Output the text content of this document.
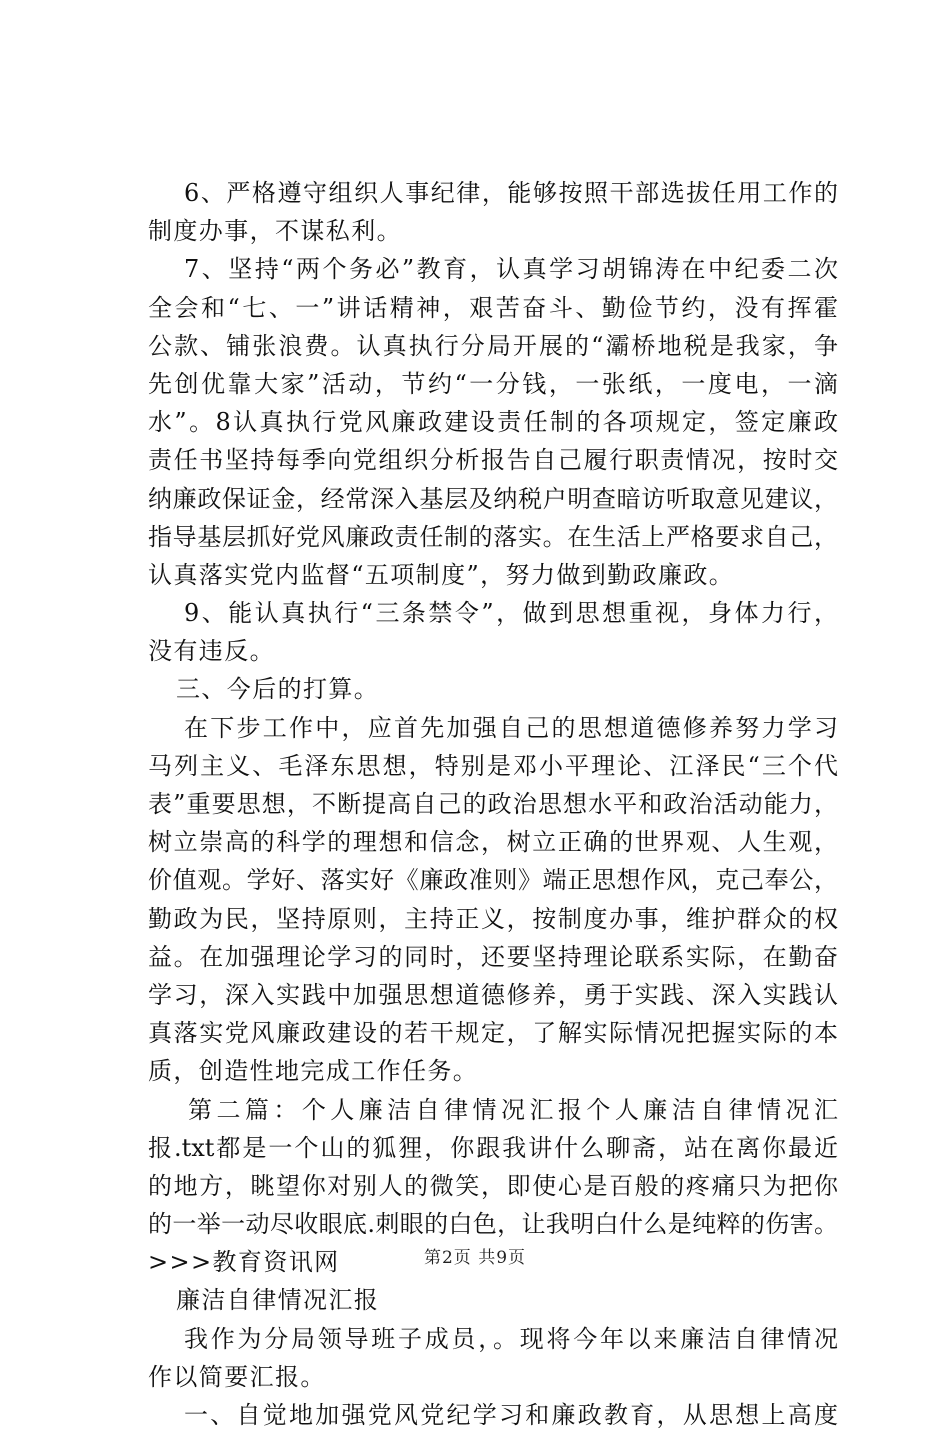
6、严格遵守组织人事纪律，能够按照干部选拔任用工作的
制度办事，不谋私利。
7、坚持“两个务必”教育，认真学习胡锦涛在中纪委二次
全会和“七、一”讲话精神，艰苦奋斗、勤俭节约，没有挥霍
公款、铺张浪费。认真执行分局开展的“灞桥地税是我家，争
先创优靠大家”活动，节约“一分钱，一张纸，一度电，一滴
水”。8认真执行党风廉政建设责任制的各项规定，签定廉政
责任书坚持每季向党组织分析报告自己履行职责情况，按时交
纳廉政保证金，经常深入基层及纳税户明查暗访听取意见建议，
指导基层抓好党风廉政责任制的落实。在生活上严格要求自己，
认真落实党内监督“五项制度”，努力做到勤政廉政。
9、能认真执行“三条禁令”，做到思想重视，身体力行，
没有违反。
三、今后的打算。
在下步工作中，应首先加强自己的思想道德修养努力学习
马列主义、毛泽东思想，特别是邓小平理论、江泽民“三个代
表”重要思想，不断提高自己的政治思想水平和政治活动能力，
树立崇高的科学的理想和信念，树立正确的世界观、人生观，
价值观。学好、落实好《廉政准则》端正思想作风，克己奉公，
勤政为民，坚持原则，主持正义，按制度办事，维护群众的权
益。在加强理论学习的同时，还要坚持理论联系实际，在勤奋
学习，深入实践中加强思想道德修养，勇于实践、深入实践认
真落实党风廉政建设的若干规定，了解实际情况把握实际的本
质，创造性地完成工作任务。
第二篇：个人廉洁自律情况汇报个人廉洁自律情况汇
报.txt都是一个山的狐狸，你跟我讲什么聊斋，站在离你最近
的地方，眺望你对别人的微笑，即使心是百般的疼痛只为把你
的一举一动尽收眼底.刺眼的白色，让我明白什么是纯粹的伤害。
>>>教育资讯网
廉洁自律情况汇报
我作为分局领导班子成员，。现将今年以来廉洁自律情况
作以简要汇报。
一、自觉地加强党风党纪学习和廉政教育，从思想上高度
第2页 共9页
